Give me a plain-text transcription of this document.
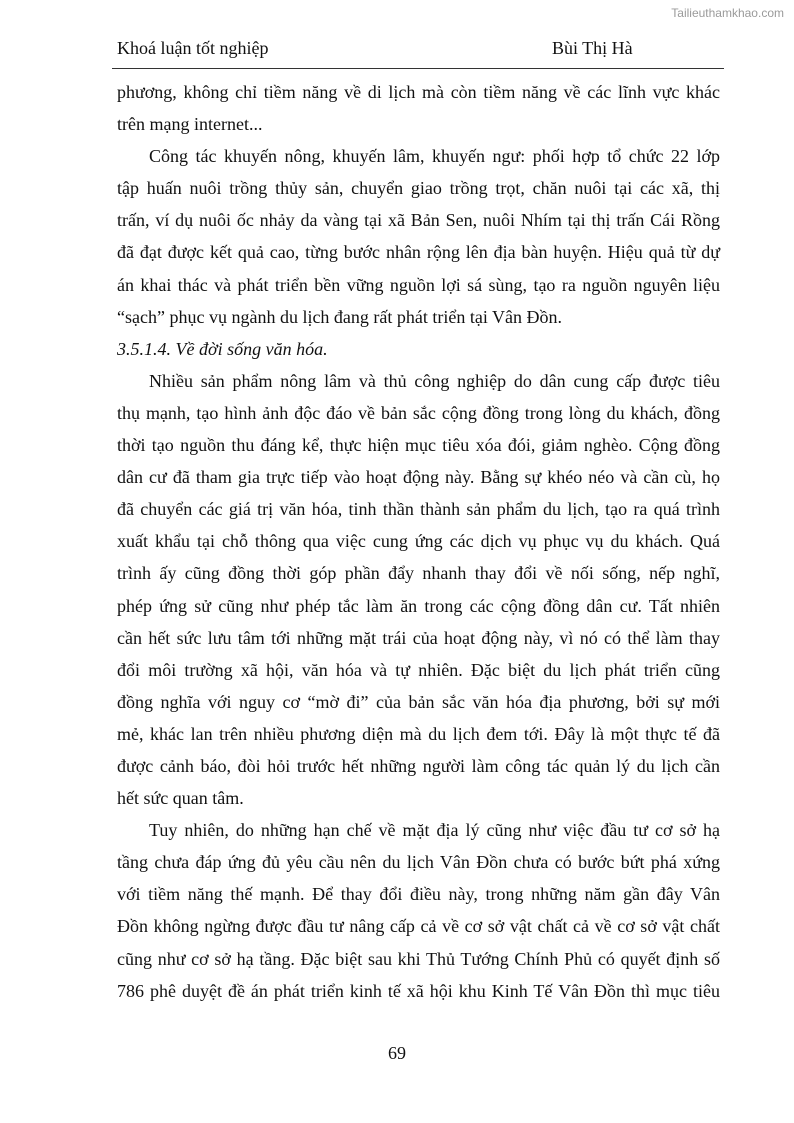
Tailieuthamkhao.com
Khoá luận tốt nghiệp	Bùi Thị Hà
phương, không chỉ tiềm năng về di lịch mà còn tiềm năng về các lĩnh vực khác
trên mạng internet...
Công tác khuyến nông, khuyến lâm, khuyến ngư: phối hợp tổ chức 22 lớp
tập huấn nuôi trồng thủy sản, chuyển giao trồng trọt, chăn nuôi tại các xã, thị
trấn, ví dụ nuôi ốc nhảy da vàng tại xã Bản Sen, nuôi Nhím tại thị trấn Cái Rồng
đã đạt được kết quả cao, từng bước nhân rộng lên địa bàn huyện. Hiệu quả từ dự
án khai thác và phát triển bền vững nguồn lợi sá sùng, tạo ra nguồn nguyên liệu
“sạch” phục vụ ngành du lịch đang rất phát triển tại Vân Đồn.
3.5.1.4. Về đời sống văn hóa.
Nhiều sản phẩm nông lâm và thủ công nghiệp do dân cung cấp được tiêu
thụ mạnh, tạo hình ảnh độc đáo về bản sắc cộng đồng trong lòng du khách, đồng
thời tạo nguồn thu đáng kể, thực hiện mục tiêu xóa đói, giảm nghèo. Cộng đồng
dân cư đã tham gia trực tiếp vào hoạt động này. Bằng sự khéo néo và cần cù, họ
đã chuyển các giá trị văn hóa, tinh thần thành sản phẩm du lịch, tạo ra quá trình
xuất khẩu tại chỗ thông qua việc cung ứng các dịch vụ phục vụ du khách. Quá
trình ấy cũng đồng thời góp phần đẩy nhanh thay đổi về nối sống, nếp nghĩ,
phép ứng sử cũng như phép tắc làm ăn trong các cộng đồng dân cư. Tất nhiên
cần hết sức lưu tâm tới những mặt trái của hoạt động này, vì nó có thể làm thay
đổi môi trường xã hội, văn hóa và tự nhiên. Đặc biệt du lịch phát triển cũng
đồng nghĩa với nguy cơ “mờ đi” của bản sắc văn hóa địa phương, bởi sự mới
mẻ, khác lan trên nhiều phương diện mà du lịch đem tới. Đây là một thực tế đã
được cảnh báo, đòi hỏi trước hết những người làm công tác quản lý du lịch cần
hết sức quan tâm.
Tuy nhiên, do những hạn chế về mặt địa lý cũng như việc đầu tư cơ sở hạ
tầng chưa đáp ứng đủ yêu cầu nên du lịch Vân Đồn chưa có bước bứt phá xứng
với tiềm năng thế mạnh. Để thay đổi điều này, trong những năm gần đây Vân
Đồn không ngừng được đầu tư nâng cấp cả về cơ sở vật chất cả về cơ sở vật chất
cũng như cơ sở hạ tầng. Đặc biệt sau khi Thủ Tướng Chính Phủ có quyết định số
786 phê duyệt đề án phát triển kinh tế xã hội khu Kinh Tế Vân Đồn thì mục tiêu
69
